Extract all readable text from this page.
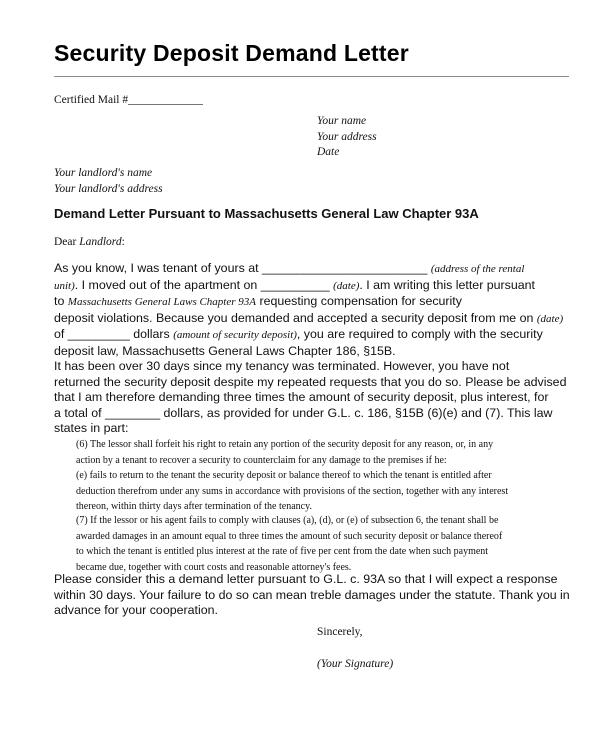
Security Deposit Demand Letter
Certified Mail #_____________
Your name
Your address
Date
Your landlord's name
Your landlord's address
Demand Letter Pursuant to Massachusetts General Law Chapter 93A
Dear Landlord:
As you know, I was tenant of yours at ________________________ (address of the rental
unit). I moved out of the apartment on __________ (date). I am writing this letter pursuant
to Massachusetts General Laws Chapter 93A requesting compensation for security
deposit violations. Because you demanded and accepted a security deposit from me on (date)
of _________ dollars (amount of security deposit), you are required to comply with the security
deposit law, Massachusetts General Laws Chapter 186, §15B.
It has been over 30 days since my tenancy was terminated. However, you have not
returned the security deposit despite my repeated requests that you do so. Please be advised
that I am therefore demanding three times the amount of security deposit, plus interest, for
a total of ________ dollars, as provided for under G.L. c. 186, §15B (6)(e) and (7). This law
states in part:
(6) The lessor shall forfeit his right to retain any portion of the security deposit for any reason, or, in any
action by a tenant to recover a security to counterclaim for any damage to the premises if he:
(e) fails to return to the tenant the security deposit or balance thereof to which the tenant is entitled after
deduction therefrom under any sums in accordance with provisions of the section, together with any interest
thereon, within thirty days after termination of the tenancy.
(7) If the lessor or his agent fails to comply with clauses (a), (d), or (e) of subsection 6, the tenant shall be
awarded damages in an amount equal to three times the amount of such security deposit or balance thereof
to which the tenant is entitled plus interest at the rate of five per cent from the date when such payment
became due, together with court costs and reasonable attorney's fees.
Please consider this a demand letter pursuant to G.L. c. 93A so that I will expect a response
within 30 days. Your failure to do so can mean treble damages under the statute. Thank you in
advance for your cooperation.
Sincerely,
(Your Signature)
